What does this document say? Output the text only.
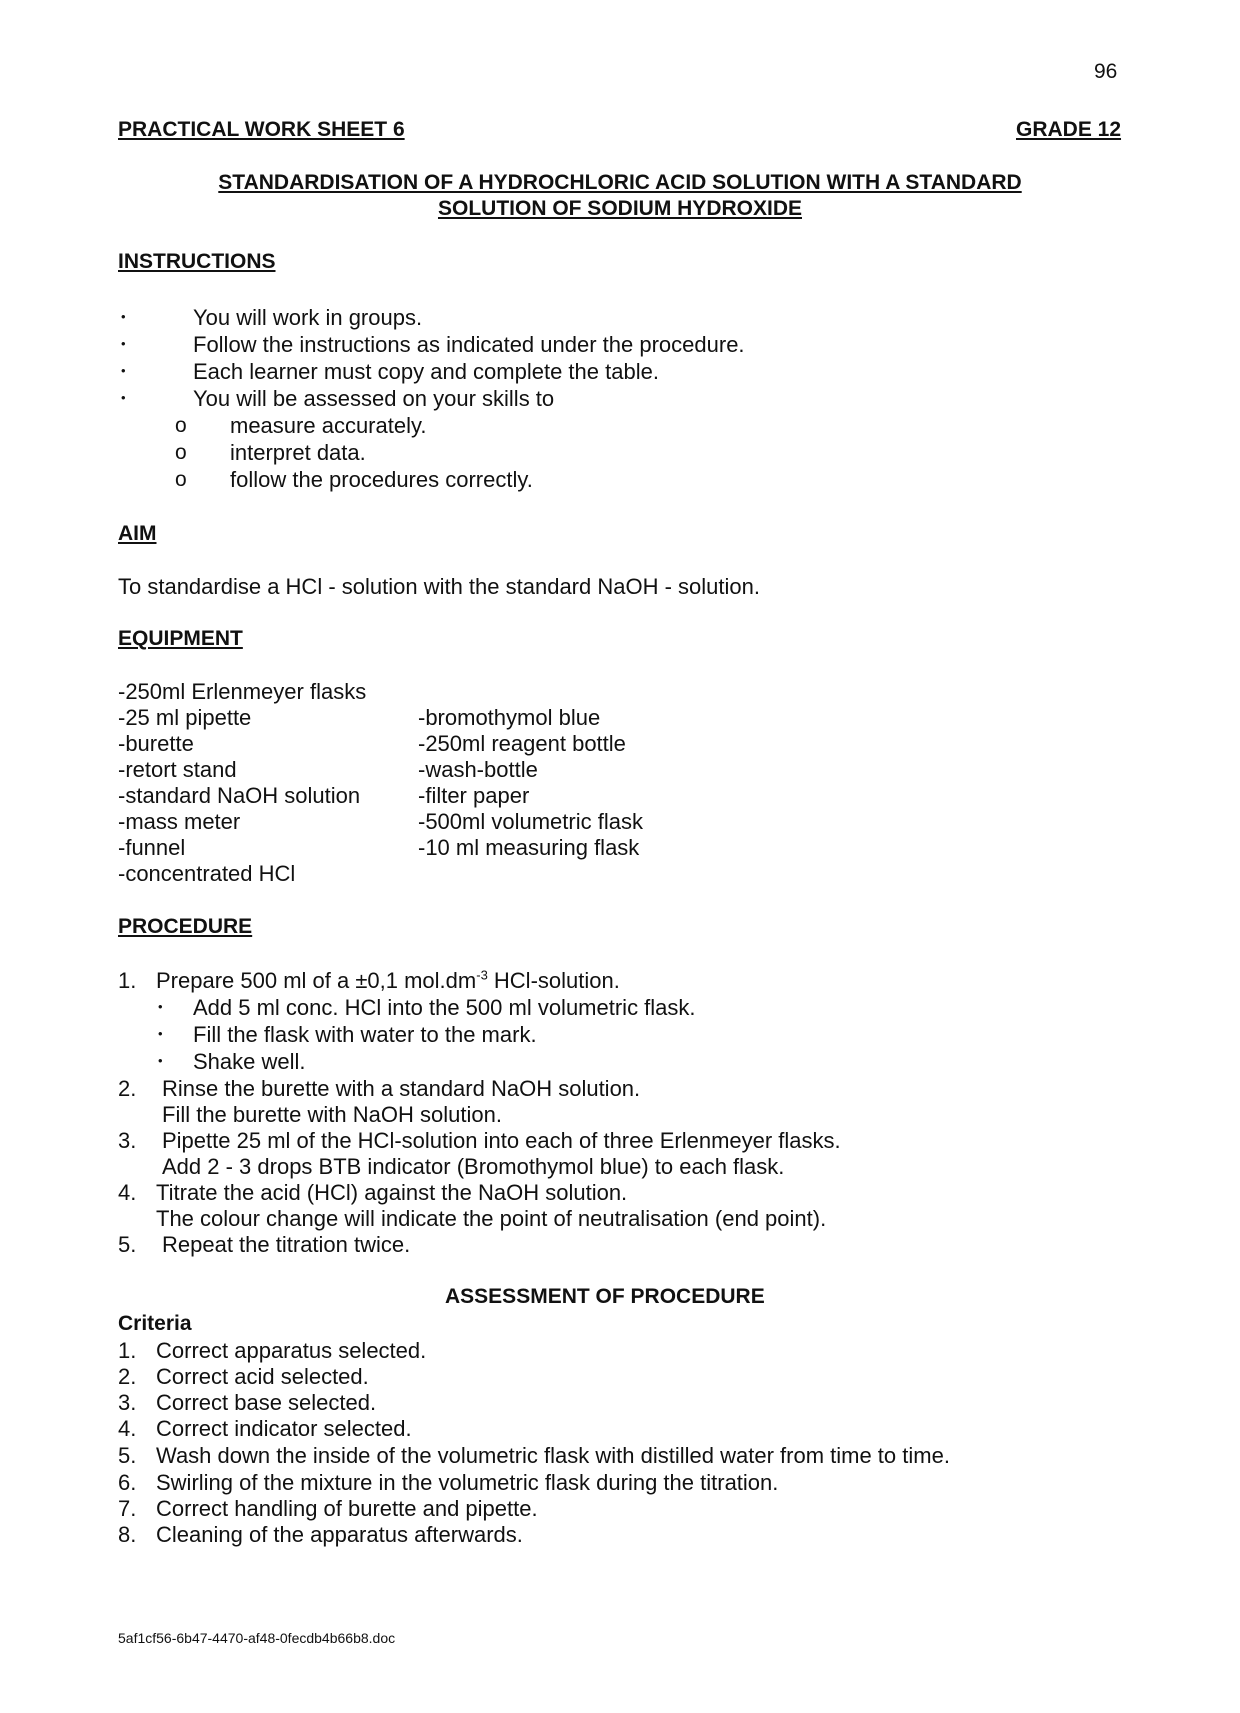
96
PRACTICAL WORK SHEET 6	GRADE 12
STANDARDISATION OF A HYDROCHLORIC ACID SOLUTION WITH A STANDARD
SOLUTION OF SODIUM HYDROXIDE
INSTRUCTIONS
•	You will work in groups.
•	Follow the instructions as indicated under the procedure.
•	Each learner must copy and complete the table.
•	You will be assessed on your skills to
o measure accurately.
o interpret data.
o follow the procedures correctly.
AIM
To standardise a HCl - solution with the standard NaOH - solution.
EQUIPMENT
-250ml Erlenmeyer flasks
-25 ml pipette
-burette
-retort stand
-standard NaOH solution
-mass meter
-funnel
-concentrated HCl
-bromothymol blue
-250ml reagent bottle
-wash-bottle
-filter paper
-500ml volumetric flask
-10 ml measuring flask
PROCEDURE
1. Prepare 500 ml of a ±0,1 $mol.dm^{-3}$ HCl-solution.
• Add 5 ml conc. HCl into the 500 ml volumetric flask.
• Fill the flask with water to the mark.
• Shake well.
2. Rinse the burette with a standard NaOH solution.
Fill the burette with NaOH solution.
3. Pipette 25 ml of the HCl-solution into each of three Erlenmeyer flasks.
Add 2 - 3 drops BTB indicator (Bromothymol blue) to each flask.
4. Titrate the acid (HCl) against the NaOH solution.
The colour change will indicate the point of neutralisation (end point).
5. Repeat the titration twice.
ASSESSMENT OF PROCEDURE
Criteria
1. Correct apparatus selected.
2. Correct acid selected.
3. Correct base selected.
4. Correct indicator selected.
5. Wash down the inside of the volumetric flask with distilled water from time to time.
6. Swirling of the mixture in the volumetric flask during the titration.
7. Correct handling of burette and pipette.
8. Cleaning of the apparatus afterwards.
5af1cf56-6b47-4470-af48-0fecdb4b66b8.doc
